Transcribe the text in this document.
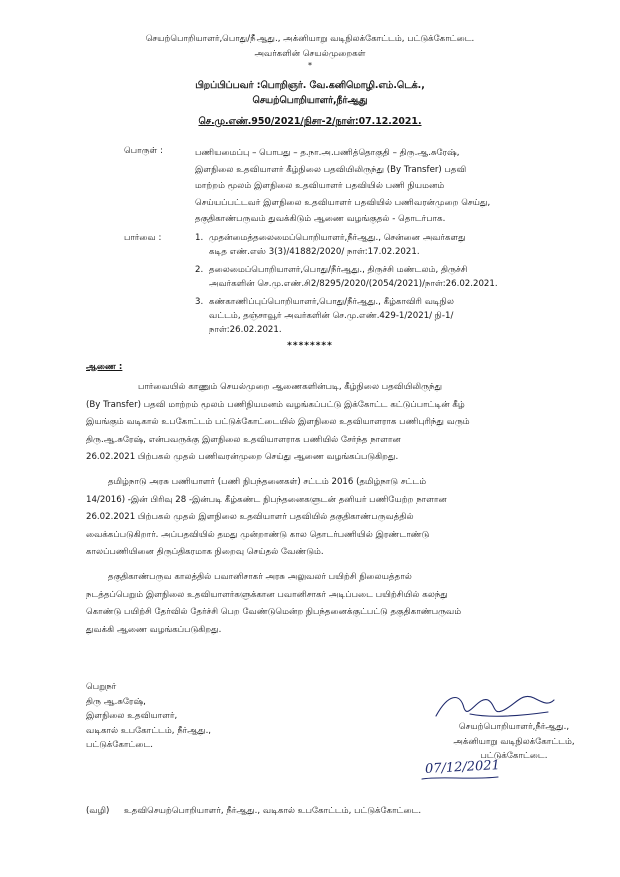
செயற்பொறியாளர்,பொது/நீ்ஆது., அக்னியாறு வடிநிலக்கோட்டம், பட்டுக்கோட்டை.
அவர்களின் செயல்முறைகள்
*
பிறப்பிப்பவர் :பொறிஞர். வே.கனிமொழி.எம்.டெக்.,
செயற்பொறியாளர்,நீர்ஆது
செ.மு.எண்.950/2021/நிசா-2/நாள்:07.12.2021.
பொருள் :	பணியமைப்பு – பொபது – த.நா.அ.பணித்தொகுதி – திரு.ஆ.சுரேஷ்,
இளநிலை உதவியாளர் கீழ்நிலை பதவியிலிருந்து (By Transfer) பதவி
மாற்றம் மூலம் இளநிலை உதவியாளர் பதவியில் பணி நியமனம்
செய்யப்பட்டவர் இளநிலை உதவியாளர் பதவியில் பணிவரன்முறை செய்து,
தகுதிகாண்பருவம் துவக்கிடும் ஆணை வழங்குதல் - தொடர்பாக.
பார்வை :	1. முதன்மைத்தலைமைப்பொறியாளர்,நீர்ஆது., சென்னை அவர்களது
கடித எண்.எஸ் 3(3)/41882/2020/ நாள்:17.02.2021.
2. தலைமைப்பொறியாளர்,பொது/நீர்ஆது., திருச்சி மண்டலம், திருச்சி
அவர்களின் செ.மு.எண்.சி2/8295/2020/(2054/2021)/நாள்:26.02.2021.
3. கண்காணிப்புப்பொறியாளர்,பொது/நீர்ஆது., கீழ்காவிரி வடிநில
வட்டம், தஞ்சாவூர் அவர்களின் செ.மு.எண்.429-1/2021/ நி-1/
நாள்:26.02.2021.
********
ஆணை :
பார்வையில் காணும் செயல்முறை ஆணைகளின்படி, கீழ்நிலை பதவியிலிருந்து
(By Transfer) பதவி மாற்றம் மூலம் பணிநியமனம் வழங்கப்பட்டு இக்கோட்ட கட்டுப்பாட்டின் கீழ்
இயங்கும் வடிகால் உபகோட்டம் பட்டுக்கோட்டையில் இளநிலை உதவியாளராக பணிபுரிந்து வரும்
திரு.ஆ.சுரேஷ், என்பவருக்கு இளநிலை உதவியாளராக பணியில் சேர்ந்த நாளான
26.02.2021 பிற்பகல் முதல் பணிவரன்முறை செய்து ஆணை வழங்கப்படுகிறது.
தமிழ்நாடு அரசு பணியாளர் (பணி நிபந்தனைகள்) சட்டம் 2016 (தமிழ்நாடு சட்டம்
14/2016) -இன் பிரிவு 28 -இன்படி கீழ்கண்ட நிபந்தனைகளுடன் தனியர் பணியேற்ற நாளான
26.02.2021 பிற்பகல் முதல் இளநிலை உதவியாளர் பதவியில் தகுதிகாண்பருவத்தில்
வைக்கப்படுகிறார். அப்பதவியில் தமது முன்றாண்டு கால தொடர்பணியில் இரண்டாண்டு
காலப்பணியினை திருப்திகரமாக நிறைவு செய்தல் வேண்டும்.
தகுதிகாண்பருவ காலத்தில் பவானிசாகர் அரசு அலுவலர் பயிற்சி நிலையத்தால்
நடத்தப்பெறும் இளநிலை உதவியாளர்களுக்கான பவானிசாகர் அடிப்படை பயிற்சியில் கலந்து
கொண்டு பயிற்சி தேர்வில் தேர்ச்சி பெற வேண்டுமென்ற நிபந்தனைக்குட்பட்டு தகுதிகாண்பருவம்
துவக்கி ஆணை வழங்கப்படுகிறது.
பெறுநர்
திரு ஆ.சுரேஷ்,
இளநிலை உதவியாளர்,
வடிகால் உபகோட்டம், நீர்ஆது.,
பட்டுக்கோட்டை.
செயற்பொறியாளர்,நீர்ஆது.,
அக்னியாறு வடிநிலக்கோட்டம்,
பட்டுக்கோட்டை.
07/12/2021
(வழி) உதவிசெயற்பொறியாளர், நீர்ஆது., வடிகால் உபகோட்டம், பட்டுக்கோட்டை.
